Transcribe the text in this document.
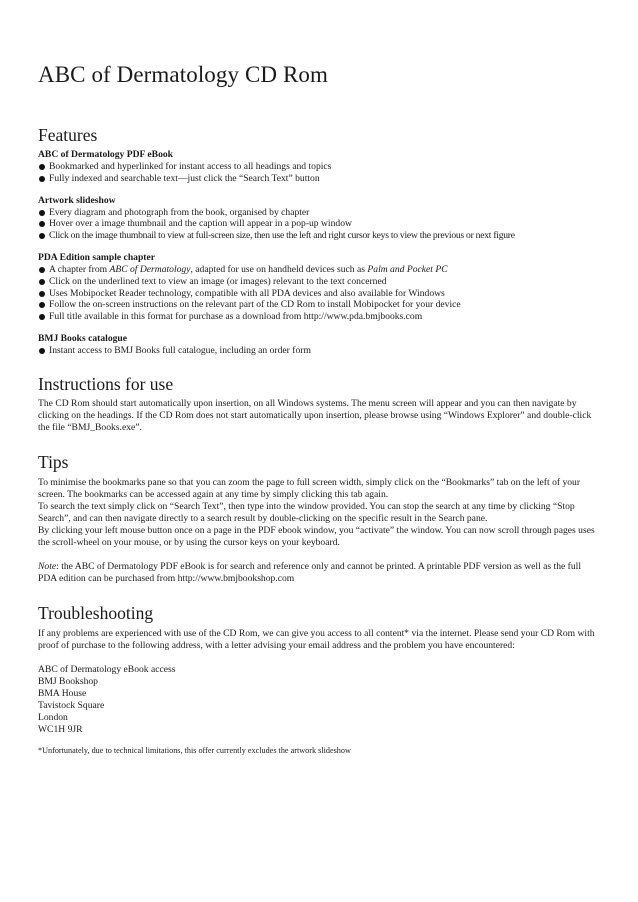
ABC of Dermatology CD Rom
Features
ABC of Dermatology PDF eBook
Bookmarked and hyperlinked for instant access to all headings and topics
Fully indexed and searchable text—just click the “Search Text” button
Artwork slideshow
Every diagram and photograph from the book, organised by chapter
Hover over a image thumbnail and the caption will appear in a pop-up window
Click on the image thumbnail to view at full-screen size, then use the left and right cursor keys to view the previous or next figure
PDA Edition sample chapter
A chapter from ABC of Dermatology, adapted for use on handheld devices such as Palm and Pocket PC
Click on the underlined text to view an image (or images) relevant to the text concerned
Uses Mobipocket Reader technology, compatible with all PDA devices and also available for Windows
Follow the on-screen instructions on the relevant part of the CD Rom to install Mobipocket for your device
Full title available in this format for purchase as a download from http://www.pda.bmjbooks.com
BMJ Books catalogue
Instant access to BMJ Books full catalogue, including an order form
Instructions for use

The CD Rom should start automatically upon insertion, on all Windows systems. The menu screen will appear and you can then navigate by clicking on the headings. If the CD Rom does not start automatically upon insertion, please browse using “Windows Explorer” and double-click the file “BMJ_Books.exe”.

Tips

To minimise the bookmarks pane so that you can zoom the page to full screen width, simply click on the “Bookmarks” tab on the left of your screen. The bookmarks can be accessed again at any time by simply clicking this tab again.

To search the text simply click on “Search Text”, then type into the window provided. You can stop the search at any time by clicking “Stop Search”, and can then navigate directly to a search result by double-clicking on the specific result in the Search pane.

By clicking your left mouse button once on a page in the PDF ebook window, you “activate” the window. You can now scroll through pages uses the scroll-wheel on your mouse, or by using the cursor keys on your keyboard.

Note: the ABC of Dermatology PDF eBook is for search and reference only and cannot be printed. A printable PDF version as well as the full PDA edition can be purchased from http://www.bmjbookshop.com

Troubleshooting

If any problems are experienced with use of the CD Rom, we can give you access to all content* via the internet. Please send your CD Rom with proof of purchase to the following address, with a letter advising your email address and the problem you have encountered:

ABC of Dermatology eBook access
BMJ Bookshop
BMA House
Tavistock Square
London
WC1H 9JR

*Unfortunately, due to technical limitations, this offer currently excludes the artwork slideshow
